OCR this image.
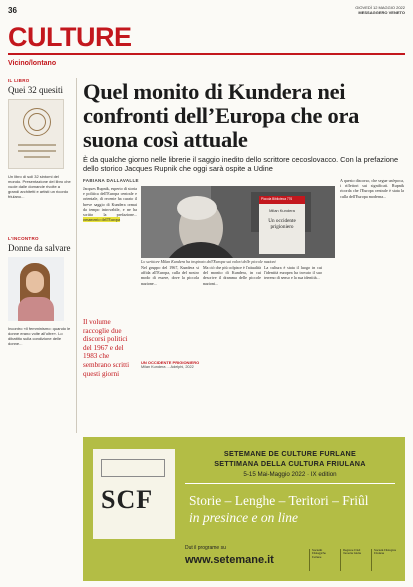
36	GIOVEDÌ 12 MAGGIO 2022
MESSAGGERO VENETO
CULTURE
Vicino/lontano
IL LIBRO
Quei 32 quesiti
Un libro di soli 32 sintomi del mondo. Presentazione del libro che vuole dalle domande rivolte a grandi architetti e artisti un ricordo friulano...
L'INCONTRO
Donne da salvare
Incontro «Il femminismo: quando le donne erano volte all'oltre». Lo dibattito sulla condizione delle donne...
Quel monito di Kundera nei confronti dell’Europa che ora suona così attuale
È da qualche giorno nelle librerie il saggio inedito dello scrittore cecoslovacco. Con la prefazione dello storico Jacques Rupnik che oggi sarà ospite a Udine
FABIANA DALLAVALLE
Jacques Rupnik, esperto di storia e politica dell'Europa centrale e orientale, di recente ha curato il breve saggio di Kundera ormai da tempo introvabile, e ne ha scritto la prefazione... ornamento dell'Europa
Piccola Biblioteca 776
Milan Kundera
Un occidente prigioniero
Lo scrittore Milan Kundera ha inspirato dell'Europa sui valori delle piccole nazioni
Nel gruppo del 1967, Kundera si affida all'Europa, culla del nostro modo di essere, dove la piccola nazione...
Ma ciò che più colpisce è l'attualità del monito di Kundera, in cui descrive il dramma delle piccole nazioni...
La cultura è stata il luogo in cui l'identità europea ha trovato il suo terreno di senso e la sua identità...
A questo discorso, che segue un'epoca, i riflettori sui significati. Rupnik ricorda che l'Europa centrale è stata la culla dell'Europa moderna...
Il volume raccoglie due discorsi politici del 1967 e del 1983 che sembrano scritti questi giorni
UN OCCIDENTE PRIGIONIERO
Milan Kundera ... Adelphi, 2022
SCF
SETEMANE DE CULTURE FURLANE
SETTIMANA DELLA CULTURA FRIULANA
5-15 Mai-Maggio 2022 · IX edition
Storie – Lenghe – Teritori – Friûl
in presince e on line
Dut il programe su
www.setemane.it
Societât Filologjiche Furlane
Regione Friuli Venezia Giulia
Società Filologica Friulana
